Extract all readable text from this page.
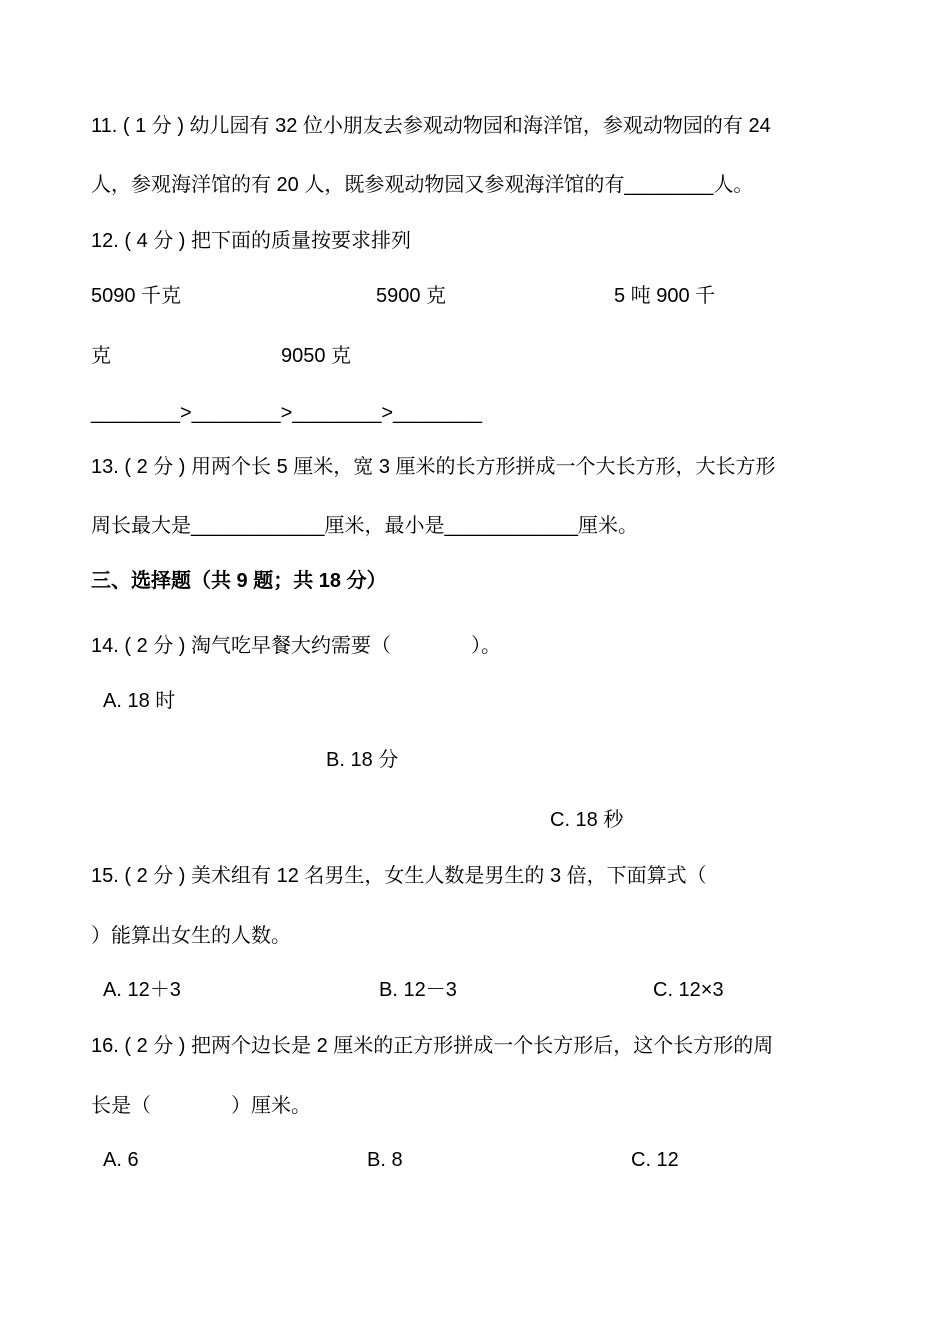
11. ( 1 分 ) 幼儿园有 32 位小朋友去参观动物园和海洋馆，参观动物园的有 24
人，参观海洋馆的有 20 人，既参观动物园又参观海洋馆的有________人。
12. ( 4 分 ) 把下面的质量按要求排列
5090 千克	5900 克	5 吨 900 千
克	9050 克
________>________>________>________
13. ( 2 分 ) 用两个长 5 厘米，宽 3 厘米的长方形拼成一个大长方形，大长方形
周长最大是____________厘米，最小是____________厘米。
三、选择题（共 9 题；共 18 分）
14. ( 2 分 ) 淘气吃早餐大约需要（　　　　）。
A. 18 时
B. 18 分
C. 18 秒
15. ( 2 分 ) 美术组有 12 名男生，女生人数是男生的 3 倍，下面算式（
）能算出女生的人数。
A. 12＋3	B. 12－3	C. 12×3
16. ( 2 分 ) 把两个边长是 2 厘米的正方形拼成一个长方形后，这个长方形的周
长是（　　　　）厘米。
A. 6	B. 8	C. 12
